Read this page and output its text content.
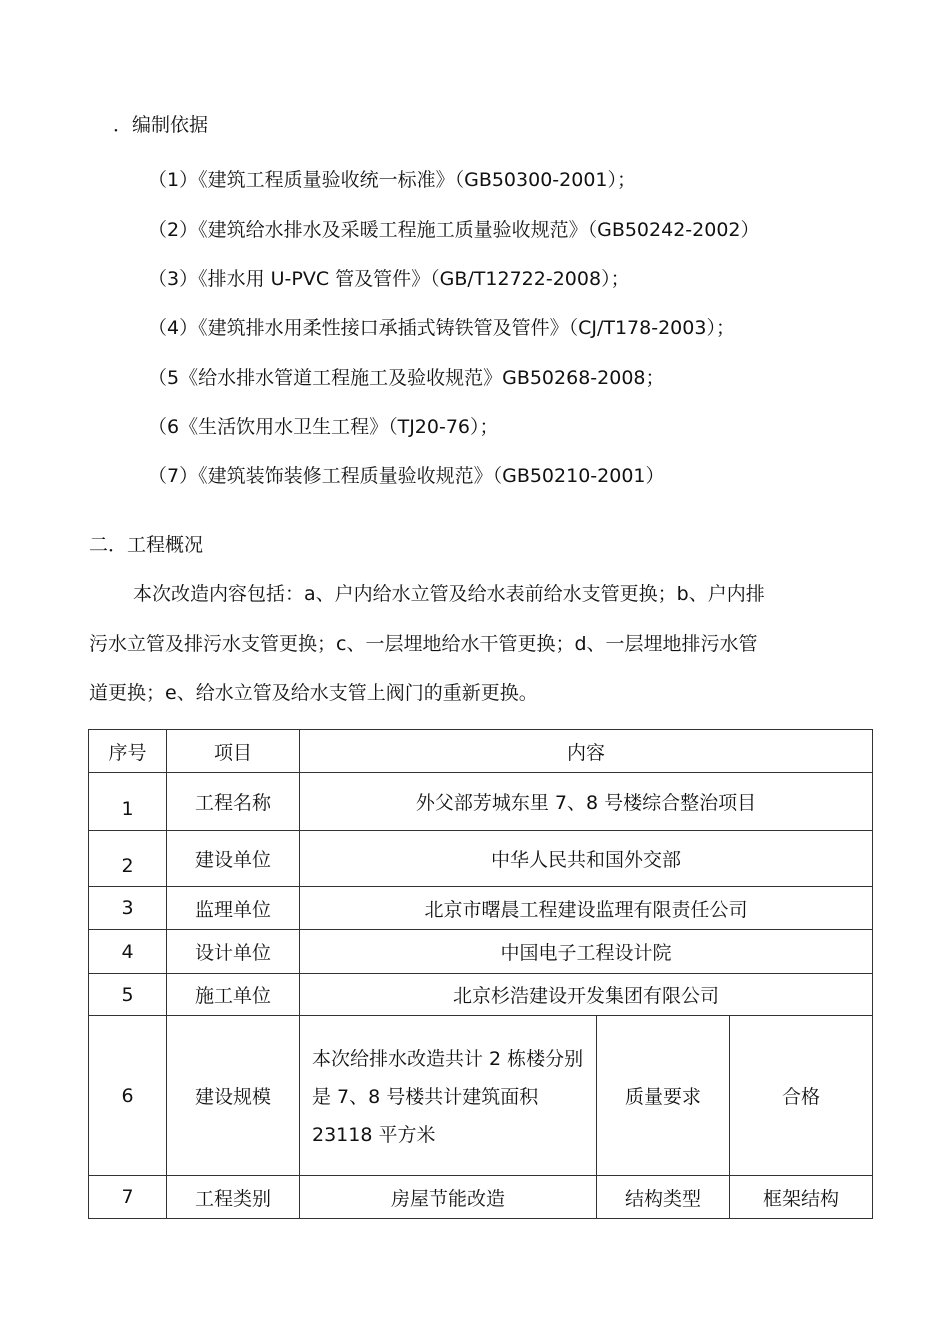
．编制依据
（1）《建筑工程质量验收统一标准》（GB50300-2001）；
（2）《建筑给水排水及采暖工程施工质量验收规范》（GB50242-2002）
（3）《排水用 U-PVC 管及管件》（GB/T12722-2008）；
（4）《建筑排水用柔性接口承插式铸铁管及管件》（CJ/T178-2003）；
（5《给水排水管道工程施工及验收规范》GB50268-2008；
（6《生活饮用水卫生工程》（TJ20-76）；
（7）《建筑装饰装修工程质量验收规范》（GB50210-2001）
二．工程概况
本次改造内容包括：a、户内给水立管及给水表前给水支管更换；b、户内排
污水立管及排污水支管更换；c、一层埋地给水干管更换；d、一层埋地排污水管
道更换；e、给水立管及给水支管上阀门的重新更换。
序号	项目	内容		
1	工程名称	外父部芳城东里 7、8 号楼综合整治项目		
2	建设单位	中华人民共和国外交部		
3	监理单位	北京市曙晨工程建设监理有限责任公司		
4	设计单位	中国电子工程设计院		
5	施工单位	北京杉浩建设开发集团有限公司		
6	建设规模	本次给排水改造共计 2 栋楼分别是 7、8 号楼共计建筑面积 23118 平方米	质量要求	合格
7	工程类别	房屋节能改造	结构类型	框架结构
